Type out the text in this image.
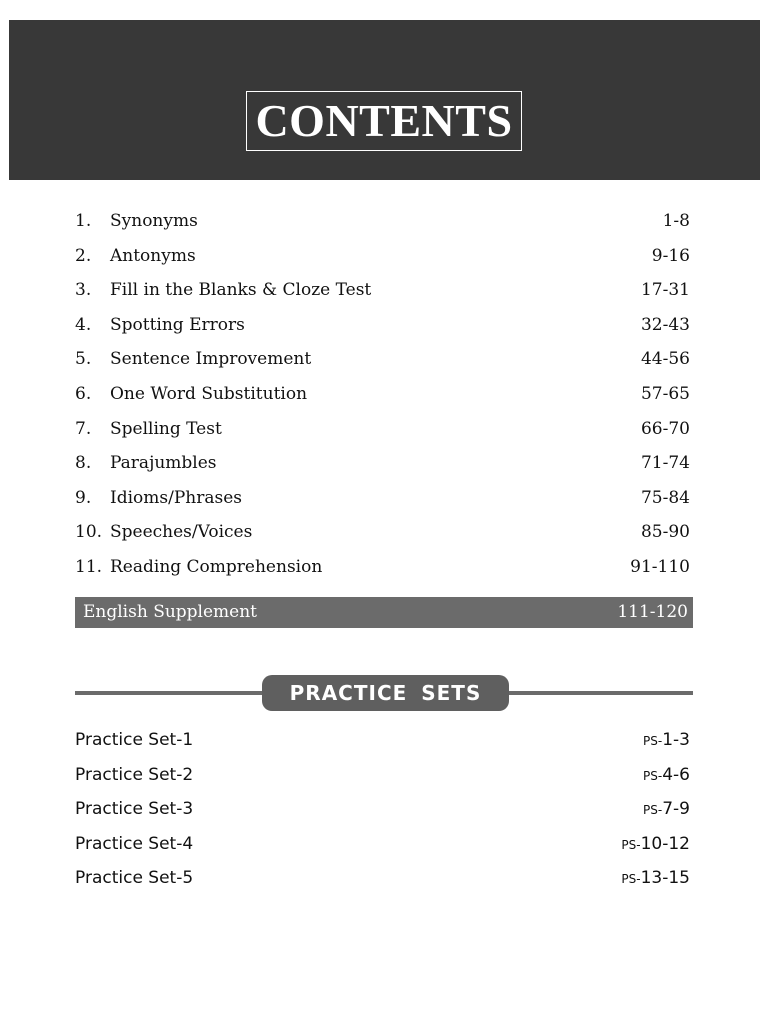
CONTENTS
1. Synonyms	1-8
2. Antonyms	9-16
3. Fill in the Blanks & Cloze Test	17-31
4. Spotting Errors	32-43
5. Sentence Improvement	44-56
6. One Word Substitution	57-65
7. Spelling Test	66-70
8. Parajumbles	71-74
9. Idioms/Phrases	75-84
10. Speeches/Voices	85-90
11. Reading Comprehension	91-110
English Supplement	111-120
PRACTICE SETS
Practice Set-1	PS-1-3
Practice Set-2	PS-4-6
Practice Set-3	PS-7-9
Practice Set-4	PS-10-12
Practice Set-5	PS-13-15
